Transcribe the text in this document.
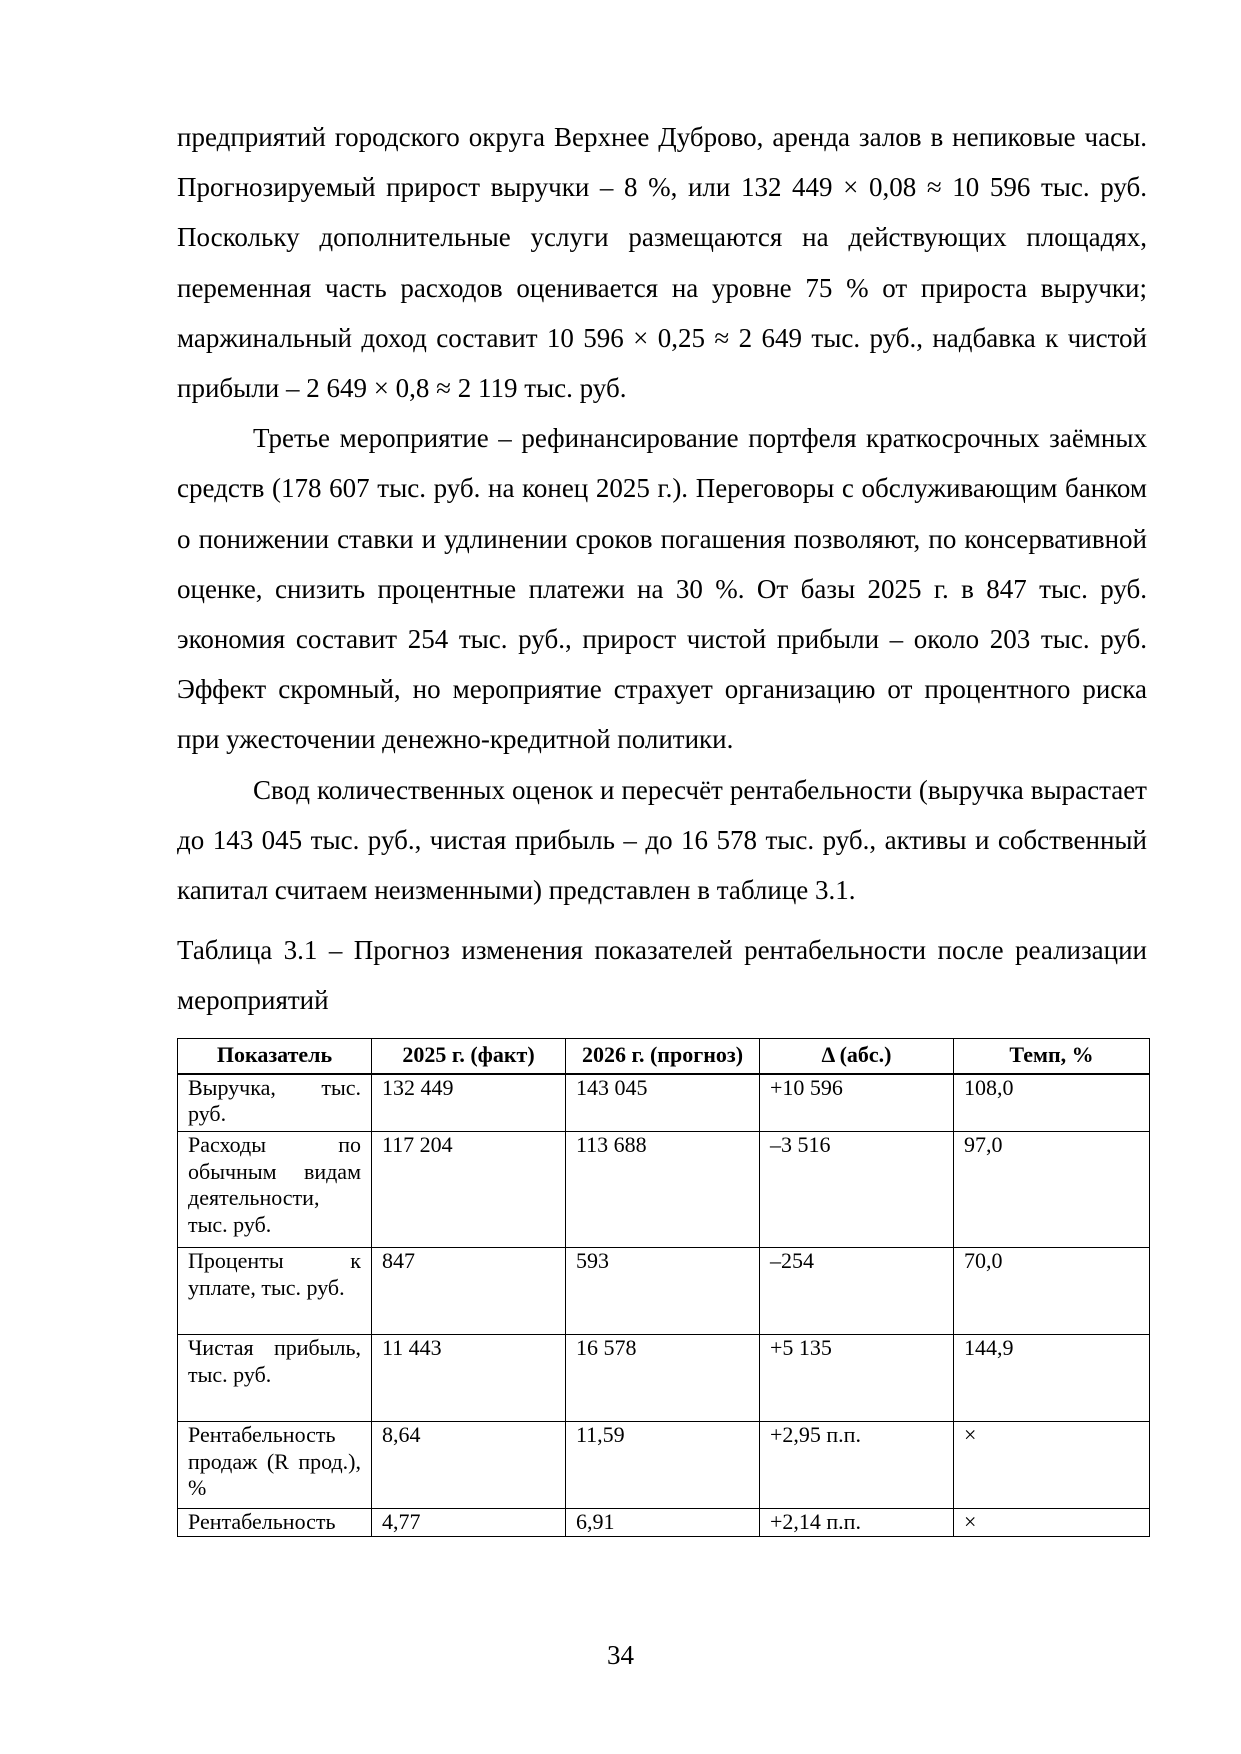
предприятий городского округа Верхнее Дуброво, аренда залов в непиковые часы. Прогнозируемый прирост выручки – 8 %, или 132 449 × 0,08 ≈ 10 596 тыс. руб. Поскольку дополнительные услуги размещаются на действующих площадях, переменная часть расходов оценивается на уровне 75 % от прироста выручки; маржинальный доход составит 10 596 × 0,25 ≈ 2 649 тыс. руб., надбавка к чистой прибыли – 2 649 × 0,8 ≈ 2 119 тыс. руб.

Третье мероприятие – рефинансирование портфеля краткосрочных заёмных средств (178 607 тыс. руб. на конец 2025 г.). Переговоры с обслуживающим банком о понижении ставки и удлинении сроков погашения позволяют, по консервативной оценке, снизить процентные платежи на 30 %. От базы 2025 г. в 847 тыс. руб. экономия составит 254 тыс. руб., прирост чистой прибыли – около 203 тыс. руб. Эффект скромный, но мероприятие страхует организацию от процентного риска при ужесточении денежно-кредитной политики.

Свод количественных оценок и пересчёт рентабельности (выручка вырастает до 143 045 тыс. руб., чистая прибыль – до 16 578 тыс. руб., активы и собственный капитал считаем неизменными) представлен в таблице 3.1.

Таблица 3.1 – Прогноз изменения показателей рентабельности после реализации мероприятий

Показатель	2025 г. (факт)	2026 г. (прогноз)	Δ (абс.)	Темп, %
Выручка, тыс. руб.	132 449	143 045	+10 596	108,0
Расходы по обычным видам деятельности, тыс. руб.	117 204	113 688	–3 516	97,0
Проценты к уплате, тыс. руб.	847	593	–254	70,0
Чистая прибыль, тыс. руб.	11 443	16 578	+5 135	144,9
Рентабельность продаж (R прод.), %	8,64	11,59	+2,95 п.п.	×
Рентабельность	4,77	6,91	+2,14 п.п.	×
34
